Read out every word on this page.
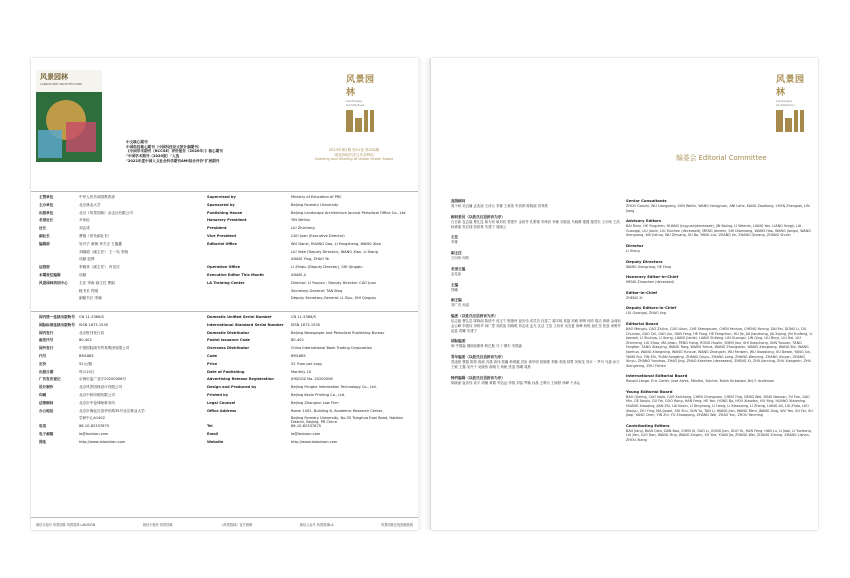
风景园林
LANDSCAPE ARCHITECTURE	风景园林
Landscape Architecture
中文核心期刊
中国科技核心期刊（中国科技论文统计源期刊）
《中国学术期刊（RCCSE）评价报告（2020年）》核心期刊
"中国学术期刊（2020版）"入选
"2022年度中国人文社会科学期刊AMI综合评价"扩展期刊
2023年第2期 第31卷 第228期
城市绿地开放与共享利用
Opening and Sharing of Urban Green Space
主管单位	中华人民共和国教育部	Supervised by	Ministry of Education of PRC
主办单位	北京林业大学	Sponsored by	Beijing Forestry University
出版单位	北京《风景园林》杂志社有限公司	Publishing House	Beijing Landscape Architecture Journal Periodical Office Co., Ltd.
名誉社长	尹伟伦	Honorary President	YIN Weilun
社长	刘志成	President	LIU Zhicheng
副社长	曹娟（常务副社长）	Vice President	CAO Juan (Executive Director)
编辑部	吴丹子 黄婉 李方正 王鑫鑫	Editorial Office	WU Danzi, HUANG Gao, LI Fangzheng, WANG Xiao
刘晓明（副主任） 王一岚 李翔	LIU Yake (Deputy Director), WANG Xian, LI Xiang
项颖 赵烨	XIANG Ying, ZHAO Ye
运营部	李雅菲（副主任） 肖宜庆	Operation Office	LI Zhiqiu (Deputy Director), SHI Qingqiu
本期责任编辑	项颖	Executive Editor This Month	XIANG Ji
风景园林培训中心	主任 李雨 副主任 曹娟	LA Training Center	Director: LI Yuxuan ; Deputy Director: CAO Juan
秘书长 佟刚	Secretary-General: TAN Bing
副秘书长 李晓	Deputy Secretary-General: LI Ziyu, SHI Qingqiu
国内统一连续出版物号	CN 11-5366/S	Domestic Unified Serial Number	CN 11-5366/S
国际标准连续出版物号	ISSN 1673-1530	International Standard Serial Number	ISSN 1673-1530
国内发行	北京报刊发行局	Domestic Distributor	Beijing Newspaper and Periodical Publishing Bureau
邮发代号	80-402	Postal Issuance Code	80-402
国外发行	中国国际图书贸易集团有限公司	Overseas Distributor	China International Book Trading Corporation
代号	BM1885	Code	BM1885
定价	52元/期	Price	52 Yuan per copy
出版日期	每月10日	Date of Publishing	Monthly 10
广告发布登记	京海市监广登字20200006号	Advertising Release Registration	JHSJGGZ No. 20200006
设计制作	北京风景园林设计有限公司	Design and Produced by	Beijing Fenghe Information Technology Co., Ltd.
印刷	北京中科印刷有限公司	Printed by	Beijing Kexin Printing Co., Ltd.
法律顾问	北京市中伦律师事务所	Legal Counsel	Beijing Zhonglun Law Firm
办公地址	北京市海淀区清华东路35号北京林业大学	Office Address	Room 1402, Building 8, Academic Research Center,
学研中心A1402	Beijing Forestry University, No.35 Tsinghua East Road, Haidian District, Beijing, PR China
电话	86-10-62337675	Tel	86-10-62337675
电子邮箱	la@lavision.com	Email	la@lavision.com
网址	http://www.lalavision.com	Website	http://www.lalavision.com
微信订阅号 风景园林 风景园林 LAVISION	微信小程序 风景园林	《风景园林》官方微博	微信公众号 风景园林LA	风景园林在线投稿系统
风景园林
Landscape Architecture
编委会 Editorial Committee
高级顾问
周干峙 吴良镛 孟兆祯 王沛元 李雄 王秉洛 朱钧珍 陈晓丽 刘秀晨
顾问委员（以姓氏汉语拼音为序）
白日新 包志毅 曹礼昆 陈为邦 耿刘同 贾建中 金柏苓 孔繁锦 李炜民 李敏 刘滨谊 马晓暐 强健 施奠东 王向荣 王浩 杨赉丽 张启翔 张树林 朱建宁 周晓云
主任
李雄
副主任
王向荣 何昉
名誉主编
孟兆祯
主编
郑曦
副主编
刘广亮 孙晶
编委（以姓氏汉语拼音为序）
包志毅 曹礼昆 陈晓丽 陈跃中 成玉宁 程绪珂 崔庆伟 邓武功 杜春兰 端木岐 高翅 高峻 韩锋 何昉 胡洁 黄晓 金荷仙 金云峰 李建伟 李树华 林广思 刘滨谊 刘晓明 刘志成 孟凡 沈洁 王浩 王向荣 吴宜夏 徐峰 杨锐 俞孔坚 张浪 章俊华 赵晶 郑曦 朱建宁
国际编委
朗·亨德森 佛朗西斯科·阿巴斯 马丁·摩尔 安德森
青年编委（以姓氏汉语拼音为序）
蔡凌豪 曹磊 陈筝 段威 冯潇 高伟 郭巍 韩炳越 洪泉 黄华明 侯晓蕾 李娜 李翔 林箐 刘海龙 刘京一 罗丹 马嘉 孙宇 王敏 王鑫 吴丹子 吴晓彤 薛晓飞 杨帆 张浪 郑曦 周燕
特约编辑（以姓氏汉语拼音为序）
陈晓丽 崔庆伟 高宇 胡楠 黄鹤 李运远 李翔 刘喆 罗鹏 孙晶 王晞月 王晓婷 徐峰 于冰沁
Senior Consultants
ZHOU Ganzhi, WU Liangyong, SUN Weilin, WANG Hongyuan, ANI Lahe, KANG Zaodiang, CHEN Zhengsei, LIN Jiang
Advisory Editors
BAI Rixin, HE Yingchen, HUANG Jingyuan(deceased), JIN Boling, LI Weimin, LIANG Yan, LIANG Yongji, LIU Guangqi, LIU Jiaxin, LIU Xiuchen (deceased), MENG Jianmin, SHI Dianxiang, WANG Hao, WANG Jiangxi, WANG Xiangrong, WU Jiahua, WU Zhiyang, XU Bo, YANG Lixi, ZHANG Jin, ZHANG Qixiang, ZHANG Shulin
Director
LI Xiong
Deputy Directors
WANG Xiangrong, HE Fang
Honorary Editor-in-Chief
MENG Zhaozhen (deceased)
Editor-in-Chief
ZHENG Xi
Deputy Editors-in-Chief
LIU Guangqi, ZHAO Jing
Editorial Board
BAO Menglu, CAO Zhijun, CAO Likun, CHE Shengquan, CHEN Yanhua, CHENG Yuning, DAI Fei, DONG Li, DU Chunlan, GAO Chi, GAO Jun, HAN Feng, HE Fang, HE Fengchun, HU Jie, JIA Jianzhong, JIA Xiping, JIN Yunfeng, LI Jianwei, LI Shuhua, LI Xiong, LIANG Jianfei, LIANG Shifeng, LIN Guangsi, LIN Qing, LIU Binyi, LIU Hai, LIU Zhicheng, LIU Zhao, MA Jiawu, PENG Hong, RONG Hualin, SHEN Jian, SHI Xiaochong, SUN Yuxuan, TANG Fangfan, TANG Xiaoying, WANG Tang, WANG Yuhua, WANG Zhongshan, WANG Xiangrong, WANG Bin, WANG Jianhua, WANG Xiangrong, WANG Yunxue, WANG Zhongxin, WU Fanwen, WU Xiaoqiong, XU Dawei, YANG Jun, YANG Rui, YIN Zhi, YUAN Songting, ZHANG Qiuyu, ZHANG Lang, ZHANG Wenying, ZHANG Xinyan, ZHANG Xinyu, ZHANG Yunzhao, ZHAO Jing, ZHAO Kanshen (deceased), ZHENG Xi, ZHU Jianning, ZHU Xiangmin, ZHU Xiangming, ZHU Yichen
International Editorial Board
Ronald Lange, Eric Carter, Jose Alves, Milothe, Yutchel, Mohh Kirkwood, Brij F. Anderson
Young Editorial Board
BAO Qiming, CAO Jiajia, CAO Kaichong, CHEN Chongxian, CHEN Ting, DENG Wei, DING Nannan, FU Fan, GAO Min, GE Naqiu, GU Fei, GUO Rong, HAN Feng, HE Yan, HONG Bo, HOU Xiaodan, HU Ying, HUANG Xiaoming, HUANG Xiaoqing, JIAN Zhi, LAI Kexin, LI Dinghong, LI Hong, LI Xiaoxiang, LI Zheng, LIANG Ali, LIU Zhao, LUO Xiaoyu, LYU Ying, MA Jiawei, SHI Shu, SUN Yu, TAN Li, WANG Jian, WANG Mimi, WANG Xing, WU Yan, XU Fei, XU Jiaqi, YANG Chen, YIN Zhi, YU Zhaoqiang, ZHANG Wei, ZHAO Yun, ZHOU Yanming
Contributing Editors
BAO Jiang, BIAN Qian, DAN Bao, CHEN Xi, GAO Li, GONG Jian, GUO Yu, HAN Feng, HAN Lu, LI Jiaqi, LI Yundong, LIU Jian, LUO Dan, WANG Ying, WANG Xinghu, XU Yue, YUAN Jia, ZHANG Wei, ZHANG Ziming, ZHANG Lishan, ZHOU Xiang
